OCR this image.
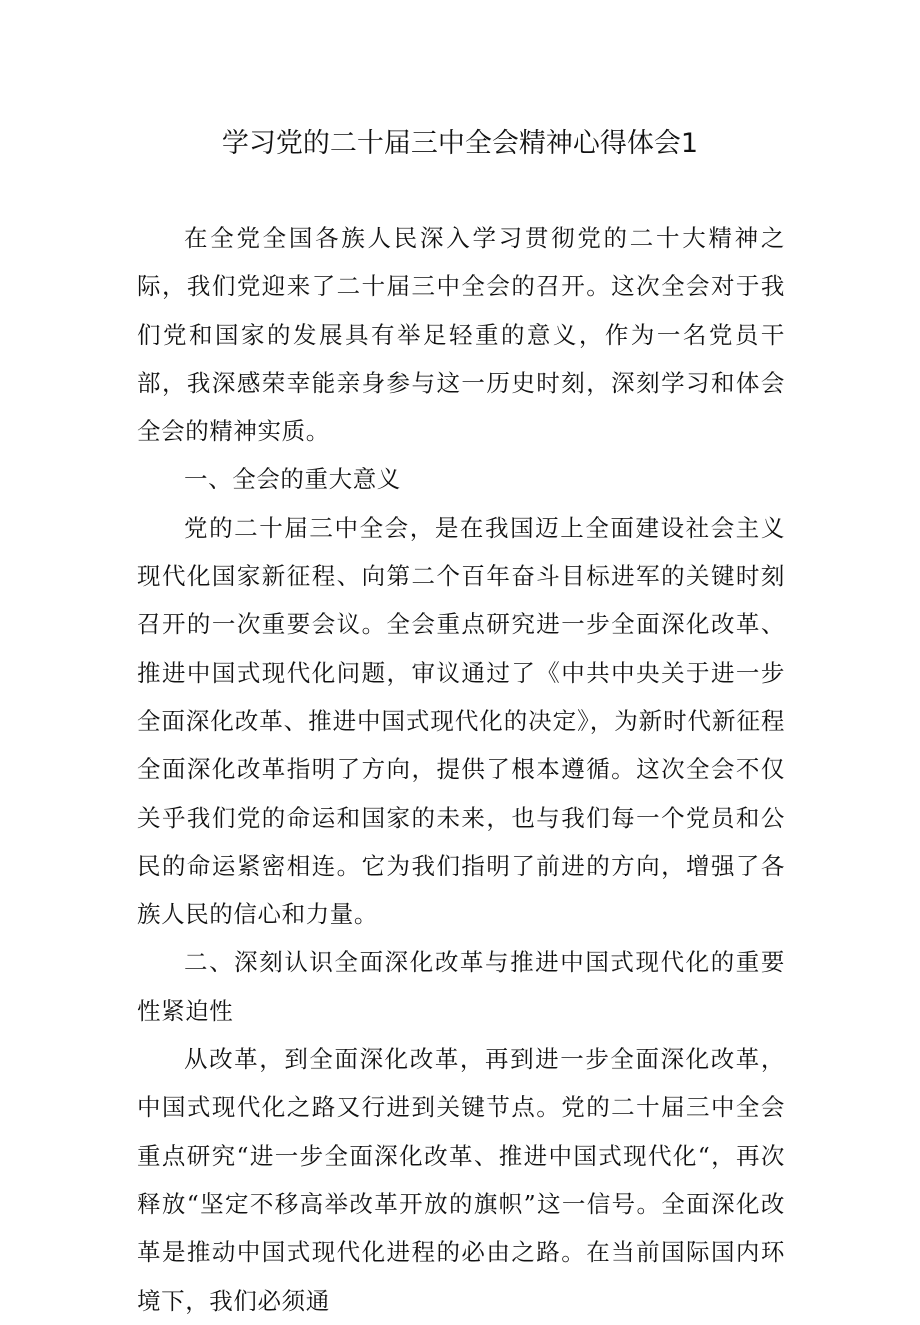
学习党的二十届三中全会精神心得体会1

在全党全国各族人民深入学习贯彻党的二十大精神之际，我们党迎来了二十届三中全会的召开。这次全会对于我们党和国家的发展具有举足轻重的意义，作为一名党员干部，我深感荣幸能亲身参与这一历史时刻，深刻学习和体会全会的精神实质。

一、全会的重大意义

党的二十届三中全会，是在我国迈上全面建设社会主义现代化国家新征程、向第二个百年奋斗目标进军的关键时刻召开的一次重要会议。全会重点研究进一步全面深化改革、推进中国式现代化问题，审议通过了《中共中央关于进一步全面深化改革、推进中国式现代化的决定》，为新时代新征程全面深化改革指明了方向，提供了根本遵循。这次全会不仅关乎我们党的命运和国家的未来，也与我们每一个党员和公民的命运紧密相连。它为我们指明了前进的方向，增强了各族人民的信心和力量。

二、深刻认识全面深化改革与推进中国式现代化的重要性紧迫性

从改革，到全面深化改革，再到进一步全面深化改革，中国式现代化之路又行进到关键节点。党的二十届三中全会重点研究“进一步全面深化改革、推进中国式现代化“，再次释放“坚定不移高举改革开放的旗帜”这一信号。全面深化改革是推动中国式现代化进程的必由之路。在当前国际国内环境下，我们必须通
